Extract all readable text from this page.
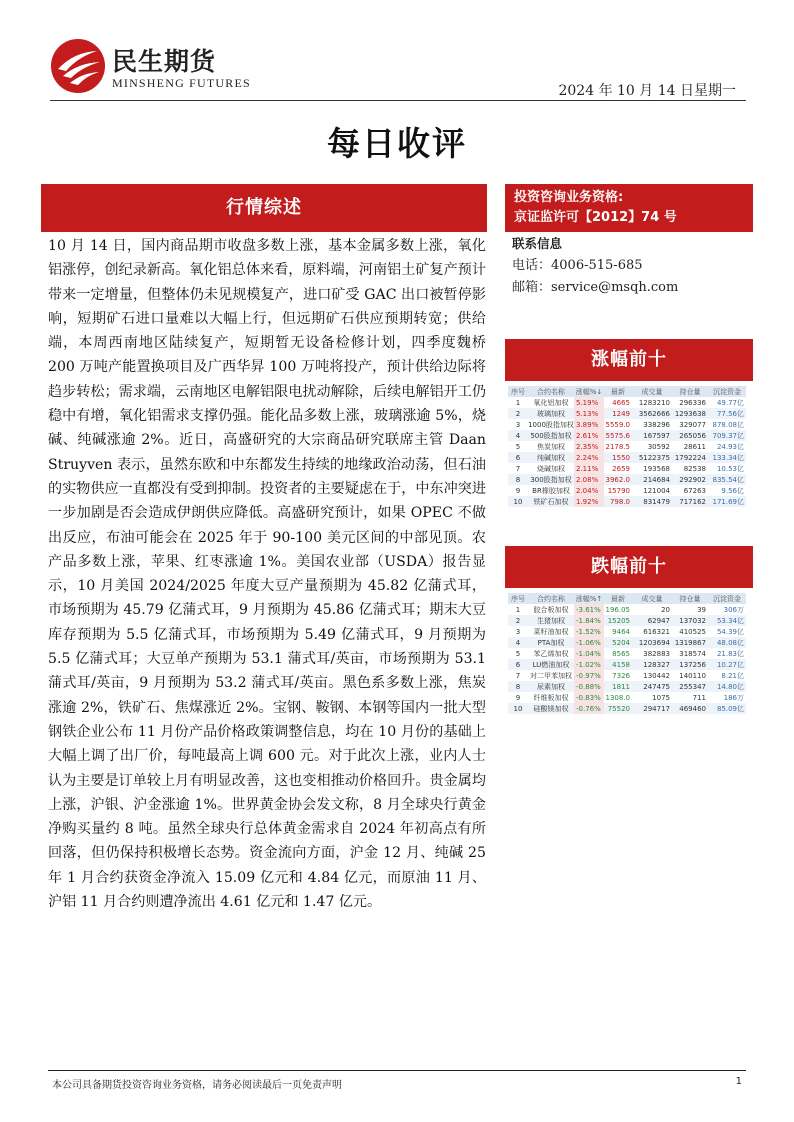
民生期货
MINSHENG FUTURES	2024 年 10 月 14 日星期一
每日收评
行情综述
10 月 14 日，国内商品期市收盘多数上涨，基本金属多数上涨，氧化铝涨停，创纪录新高。氧化铝总体来看，原料端，河南铝土矿复产预计带来一定增量，但整体仍未见规模复产，进口矿受 GAC 出口被暂停影响，短期矿石进口量难以大幅上行，但远期矿石供应预期转宽；供给端，本周西南地区陆续复产，短期暂无设备检修计划，四季度魏桥 200 万吨产能置换项目及广西华昇 100 万吨将投产，预计供给边际将趋步转松；需求端，云南地区电解铝限电扰动解除，后续电解铝开工仍稳中有增，氧化铝需求支撑仍强。能化品多数上涨，玻璃涨逾 5%，烧碱、纯碱涨逾 2%。近日，高盛研究的大宗商品研究联席主管 Daan Struyven 表示，虽然东欧和中东都发生持续的地缘政治动荡，但石油的实物供应一直都没有受到抑制。投资者的主要疑虑在于，中东冲突进一步加剧是否会造成伊朗供应降低。高盛研究预计，如果 OPEC 不做出反应，布油可能会在 2025 年于 90-100 美元区间的中部见顶。农产品多数上涨，苹果、红枣涨逾 1%。美国农业部（USDA）报告显示，10 月美国 2024/2025 年度大豆产量预期为 45.82 亿蒲式耳，市场预期为 45.79 亿蒲式耳，9 月预期为 45.86 亿蒲式耳；期末大豆库存预期为 5.5 亿蒲式耳，市场预期为 5.49 亿蒲式耳，9 月预期为 5.5 亿蒲式耳；大豆单产预期为 53.1 蒲式耳/英亩，市场预期为 53.1 蒲式耳/英亩，9 月预期为 53.2 蒲式耳/英亩。黑色系多数上涨，焦炭涨逾 2%，铁矿石、焦煤涨近 2%。宝钢、鞍钢、本钢等国内一批大型钢铁企业公布 11 月份产品价格政策调整信息，均在 10 月份的基础上大幅上调了出厂价，每吨最高上调 600 元。对于此次上涨，业内人士认为主要是订单较上月有明显改善，这也变相推动价格回升。贵金属均上涨，沪银、沪金涨逾 1%。世界黄金协会发文称，8 月全球央行黄金净购买量约 8 吨。虽然全球央行总体黄金需求自 2024 年初高点有所回落，但仍保持积极增长态势。资金流向方面，沪金 12 月、纯碱 25 年 1 月合约获资金净流入 15.09 亿元和 4.84 亿元，而原油 11 月、沪铝 11 月合约则遭净流出 4.61 亿元和 1.47 亿元。
投资咨询业务资格:
京证监许可【2012】74 号
联系信息
电话：4006-515-685
邮箱：service@msqh.com
涨幅前十
序号	合约名称	涨幅%↓	最新	成交量	持仓量	沉淀资金
1	氧化铝加权	5.19%	4665	1283210	296336	49.77亿
2	玻璃加权	5.13%	1249	3562666	1293638	77.56亿
3	1000股指加权	3.89%	5559.0	338296	329077	878.08亿
4	500股指加权	2.61%	5575.6	167597	265056	709.37亿
5	焦炭加权	2.35%	2178.5	30592	28611	24.93亿
6	纯碱加权	2.24%	1550	5122375	1792224	133.34亿
7	烧碱加权	2.11%	2659	193568	82538	10.53亿
8	300股指加权	2.08%	3962.0	214684	292902	835.54亿
9	BR橡胶加权	2.04%	15790	121004	67263	9.56亿
10	铁矿石加权	1.92%	798.0	831479	717162	171.69亿
跌幅前十
序号	合约名称	涨幅%↑	最新	成交量	持仓量	沉淀资金
1	胶合板加权	-3.61%	196.05	20	39	306万
2	生猪加权	-1.84%	15205	62947	137032	53.34亿
3	菜籽油加权	-1.52%	9464	616321	410525	54.39亿
4	PTA加权	-1.06%	5204	1203694	1319867	48.08亿
5	苯乙烯加权	-1.04%	8565	382883	318574	21.83亿
6	LU燃油加权	-1.02%	4158	128327	137256	10.27亿
7	对二甲苯加权	-0.97%	7326	130442	140110	8.21亿
8	尿素加权	-0.88%	1811	247475	255347	14.80亿
9	纤维板加权	-0.83%	1308.0	1075	711	186万
10	硅酸镁加权	-0.76%	75520	294717	469460	85.09亿
本公司具备期货投资咨询业务资格，请务必阅读最后一页免责声明	1
